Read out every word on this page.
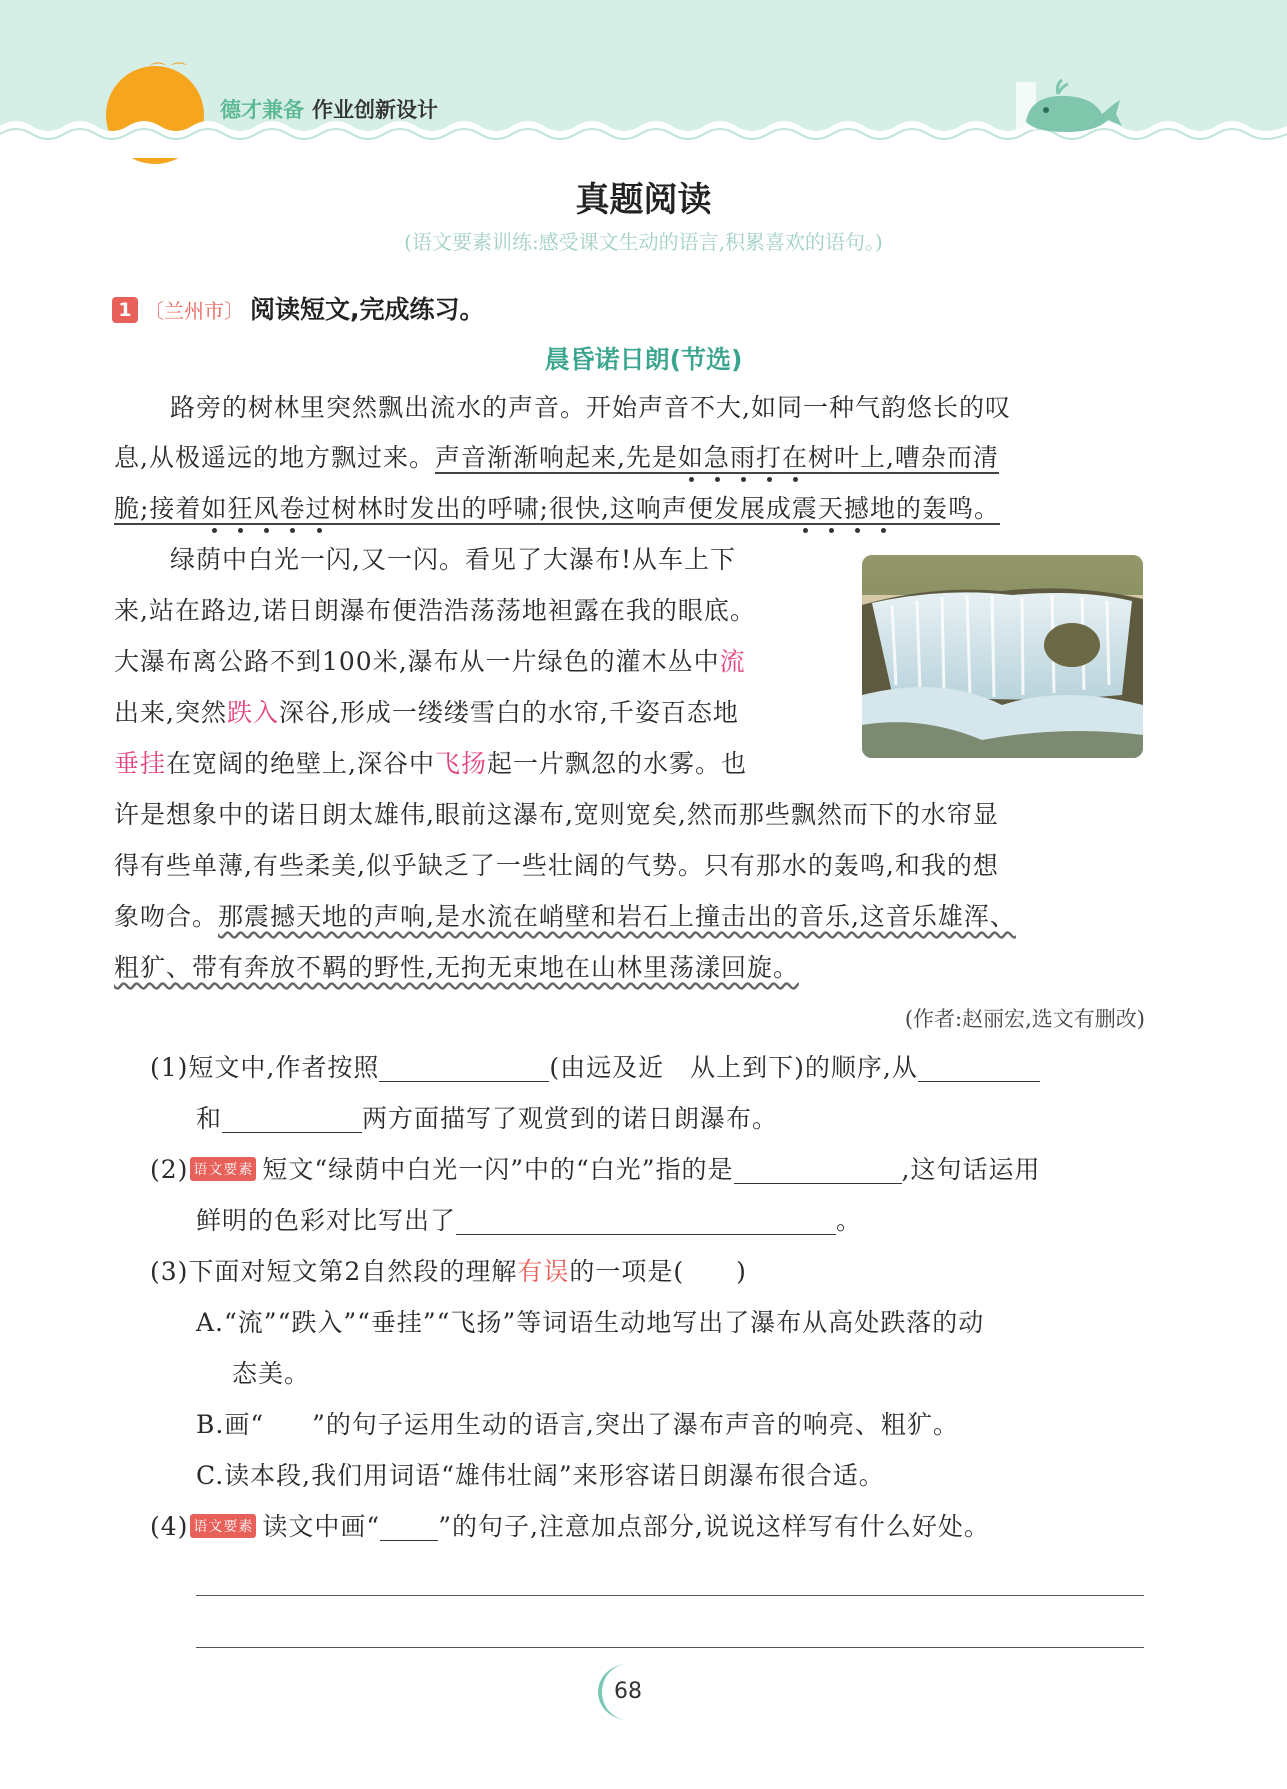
⌒ ⌒
德才兼备 作业创新设计
真题阅读
(语文要素训练:感受课文生动的语言,积累喜欢的语句。)
1 〔兰州市〕 阅读短文,完成练习。
晨昏诺日朗(节选)
路旁的树林里突然飘出流水的声音。开始声音不大,如同一种气韵悠长的叹
息,从极遥远的地方飘过来。声音渐渐响起来,先是如急雨打在树叶上,嘈杂而清
脆;接着如狂风卷过树林时发出的呼啸;很快,这响声便发展成震天撼地的轰鸣。
绿荫中白光一闪,又一闪。看见了大瀑布!从车上下
来,站在路边,诺日朗瀑布便浩浩荡荡地袒露在我的眼底。
大瀑布离公路不到100米,瀑布从一片绿色的灌木丛中流
出来,突然跌入深谷,形成一缕缕雪白的水帘,千姿百态地
垂挂在宽阔的绝壁上,深谷中飞扬起一片飘忽的水雾。也
许是想象中的诺日朗太雄伟,眼前这瀑布,宽则宽矣,然而那些飘然而下的水帘显
得有些单薄,有些柔美,似乎缺乏了一些壮阔的气势。只有那水的轰鸣,和我的想
象吻合。那震撼天地的声响,是水流在峭壁和岩石上撞击出的音乐,这音乐雄浑、
粗犷、带有奔放不羁的野性,无拘无束地在山林里荡漾回旋。
(作者:赵丽宏,选文有删改)
(1)短文中,作者按照	(由远及近　从上到下)的顺序,从
和	两方面描写了观赏到的诺日朗瀑布。
(2) 语文要素 短文“绿荫中白光一闪”中的“白光”指的是	,这句话运用
鲜明的色彩对比写出了	。
(3)下面对短文第2自然段的理解有误的一项是(　　)
A.“流”“跌入”“垂挂”“飞扬”等词语生动地写出了瀑布从高处跌落的动
态美。
B.画“ ”的句子运用生动的语言,突出了瀑布声音的响亮、粗犷。
C.读本段,我们用词语“雄伟壮阔”来形容诺日朗瀑布很合适。
(4) 语文要素 读文中画“ ”的句子,注意加点部分,说说这样写有什么好处。
68
